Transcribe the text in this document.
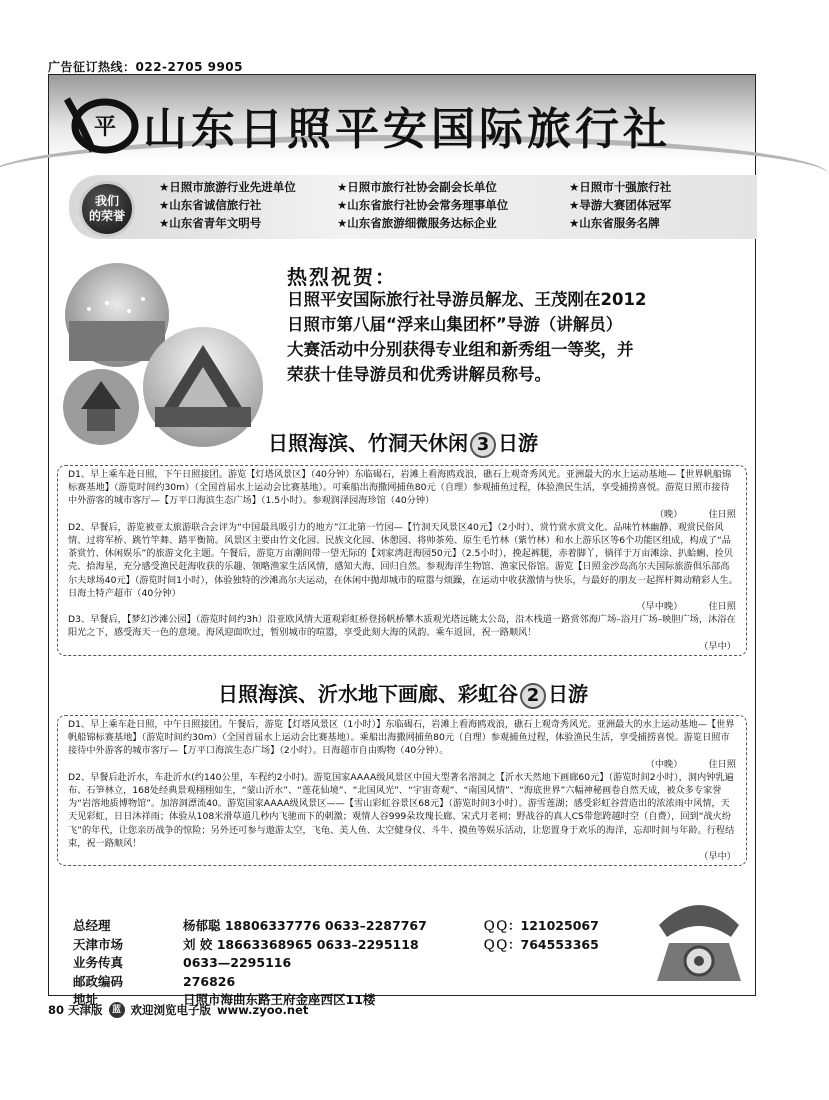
广告征订热线：022-2705 9905
平 山东日照平安国际旅行社
我们
的荣誉
★日照市旅游行业先进单位	★日照市旅行社协会副会长单位	★日照市十强旅行社
★山东省诚信旅行社	★山东省旅行社协会常务理事单位	★导游大赛团体冠军
★山东省青年文明号	★山东省旅游细微服务达标企业	★山东省服务名牌
热烈祝贺：
日照平安国际旅行社导游员解龙、王茂刚在2012
日照市第八届“浮来山集团杯”导游（讲解员）
大赛活动中分别获得专业组和新秀组一等奖，并
荣获十佳导游员和优秀讲解员称号。
日照海滨、竹洞天休闲 3 日游

D1、早上乘车赴日照，下午日照接团。游览【灯塔风景区】（40分钟）东临碣石，岩滩上看海鸥戏浪，礁石上观奇秀风光。亚洲最大的水上运动基地—【世界帆船锦标赛基地】（游览时间约30m）（全国首届水上运动会比赛基地）。可乘船出海撒网捕鱼80元（自理）参观捕鱼过程，体验渔民生活，享受捕捞喜悦。游览日照市接待中外游客的城市客厅—【万平口海滨生态广场】（1.5小时）。参观润泽园海珍馆（40分钟）

（晚）	住日照

D2、早餐后，游览被亚太旅游联合会评为“中国最具吸引力的地方”江北第一竹园—【竹洞天风景区40元】（2小时），赏竹赏水赏文化、品味竹林幽静、观赏民俗风情、过将军桥、跳竹竿舞、踏平衡简。风景区主要由竹文化园、民族文化园、休憩园、将帅茶苑、原生毛竹林（紫竹林）和水上游乐区等6个功能区组成，构成了“品茶赏竹、休闲娱乐”的旅游文化主题。午餐后，游览万亩潮间带一望无际的【刘家湾赶海园50元】（2.5小时），挽起裤腿，赤着脚丫，徜徉于万亩滩涂、扒蛤蜊、捡贝壳、拾海星，充分感受渔民赶海收获的乐趣、领略渔家生活风情，感知大海、回归自然。参观海洋生物馆、渔家民俗馆。游览【日照金沙岛高尔夫国际旅游俱乐部高尔夫球场40元】（游览时间1小时），体验独特的沙滩高尔夫运动，在休闲中抛却城市的喧嚣与烦躁，在运动中收获激情与快乐，与最好的朋友一起挥杆舞动精彩人生。日海土特产超市（40分钟）

（早中晚）	住日照

D3、早餐后，【梦幻沙滩公园】（游览时间约3h）沿亚欧风情大道观彩虹桥登扬帆桥攀木质观光塔远眺太公岛，沿木栈道一路赏邻海广场–浴月广场–映胆广场，沐浴在阳光之下，感受海天一色的意境。海风迎面吹过，暂别城市的喧嚣，享受此刻大海的风韵。乘车返回，祝一路顺风！

（早中）
日照海滨、沂水地下画廊、彩虹谷 2 日游

D1、早上乘车赴日照，中午日照接团。午餐后，游览【灯塔风景区（1小时）】东临碣石，岩滩上看海鸥戏浪，礁石上观奇秀风光。亚洲最大的水上运动基地—【世界帆船锦标赛基地】（游览时间约30m）（全国首届水上运动会比赛基地）。乘船出海撒网捕鱼80元（自理）参观捕鱼过程，体验渔民生活，享受捕捞喜悦。游览日照市接待中外游客的城市客厅—【万平口海滨生态广场】（2小时）。日海超市自由购物（40分钟）。

（中晚）	住日照

D2、早餐后赴沂水，车赴沂水(约140公里，车程约2小时)。游览国家AAAA级风景区中国大型著名溶洞之【沂水天然地下画廊60元】（游览时间2小时），洞内钟乳遍布、石笋林立，168处经典景观栩栩如生，“蒙山沂水”、“莲花仙境”、“北国风光”、“宇宙奇观”、“南国风情”、“海底世界”六幅神秘画卷自然天成，被众多专家誉为“岩溶地质博物馆”。加溶洞漂流40。游览国家AAAA级风景区——【雪山彩虹谷景区68元】（游览时间3小时）。游雪莲湖；感受彩虹谷营造出的浓浓雨中风情，天天见彩虹，日日沐祥雨；体验从108米滑草道几秒内飞驰而下的刺激；观情人谷999朵玫瑰长廊、宋式月老祠；野战谷的真人CS带您跨越时空（自费），回到“战火纷飞”的年代，让您亲历战争的惊险；另外还可参与遨游太空，飞龟、美人鱼、太空健身仪、斗牛、摸鱼等娱乐活动，让您置身于欢乐的海洋，忘却时间与年龄。行程结束，祝一路顺风！

（早中）
总经理	杨郁聪 18806337776 0633–2287767	ＱＱ：121025067
天津市场	刘 姣 18663368965 0633–2295118	ＱＱ：764553365
业务传真	0633—2295116
邮政编码	276826
地址	日照市海曲东路王府金座西区11楼
80 天津版	蓝 欢迎浏览电子版 www.zyoo.net
